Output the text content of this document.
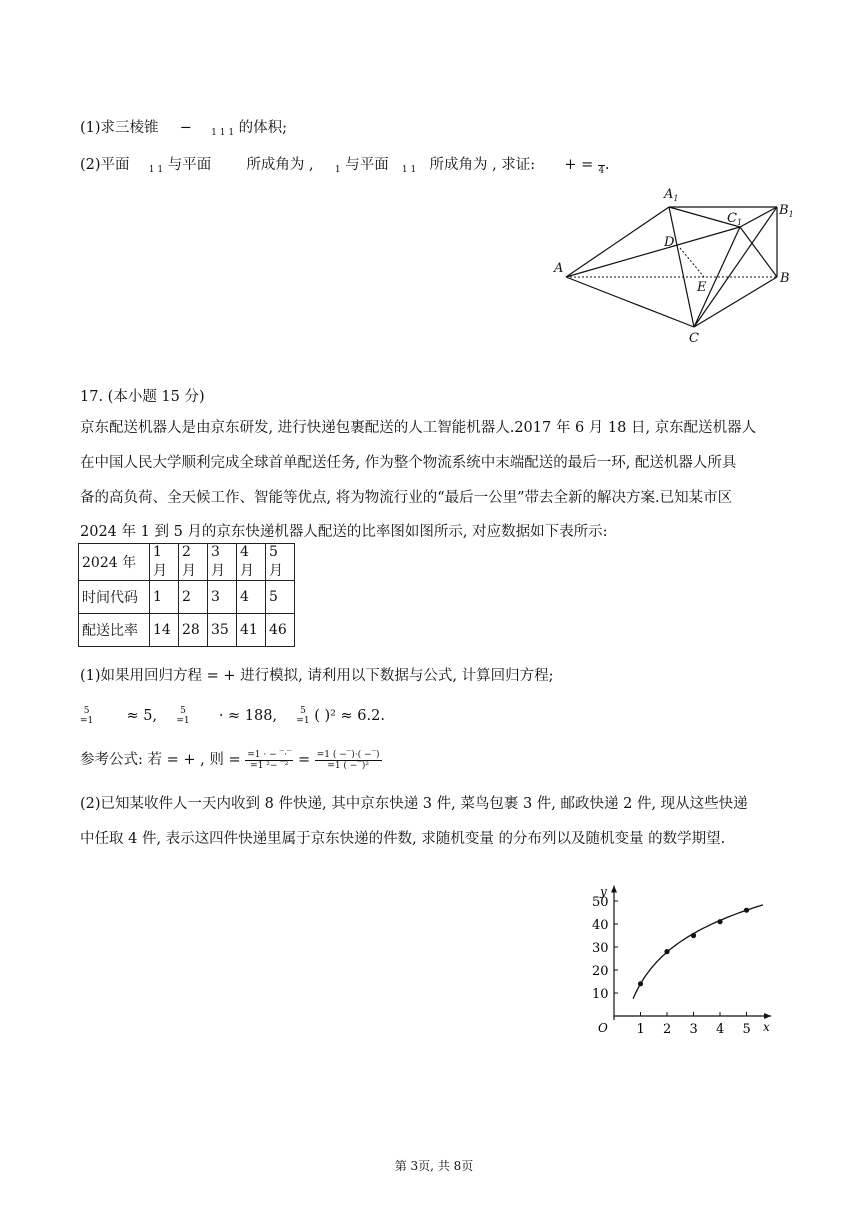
(1)求三棱锥 − $_{1 1 1}$ 的体积;
(2)平面 $_{1 1}$ 与平面 所成角为 , $_1$ 与平面 $_{1 1}$ 所成角为 , 求证: + =
4 .
$A_1$
$B_1$
$C_1$
A
B
C
D
E
17. (本小题 15 分)
京东配送机器人是由京东研发, 进行快递包裹配送的人工智能机器人.2017 年 6 月 18 日, 京东配送机器人
在中国人民大学顺利完成全球首单配送任务, 作为整个物流系统中末端配送的最后一环, 配送机器人所具
备的高负荷、全天候工作、智能等优点, 将为物流行业的“最后一公里”带去全新的解决方案.已知某市区
2024 年 1 到 5 月的京东快递机器人配送的比率图如图所示, 对应数据如下表所示:
2024 年	1 月	2 月	3 月	4 月	5 月
时间代码	1	2	3	4	5
配送比率	14	28	35	41	46
(1)如果用回归方程 = + 进行模拟, 请利用以下数据与公式, 计算回归方程;
5
=1 ≈ 5,	5
=1 · ≈ 188,	5
=1 ( )² ≈ 6.2.
参考公式: 若 = + , 则 = $\frac{=1 \cdot - ‾\cdot‾}{\text{=1 ²− ‾²}} = \frac{=1 ( -‾)\cdot( -‾)}{\text{=1 ( −‾)²}}$
(2)已知某收件人一天内收到 8 件快递, 其中京东快递 3 件, 菜鸟包裹 3 件, 邮政快递 2 件, 现从这些快递
中任取 4 件, 表示这四件快递里属于京东快递的件数, 求随机变量 的分布列以及随机变量 的数学期望.
x
y
O 1 2 3 4 5
10
20
30
40
50
第 3页, 共 8页
